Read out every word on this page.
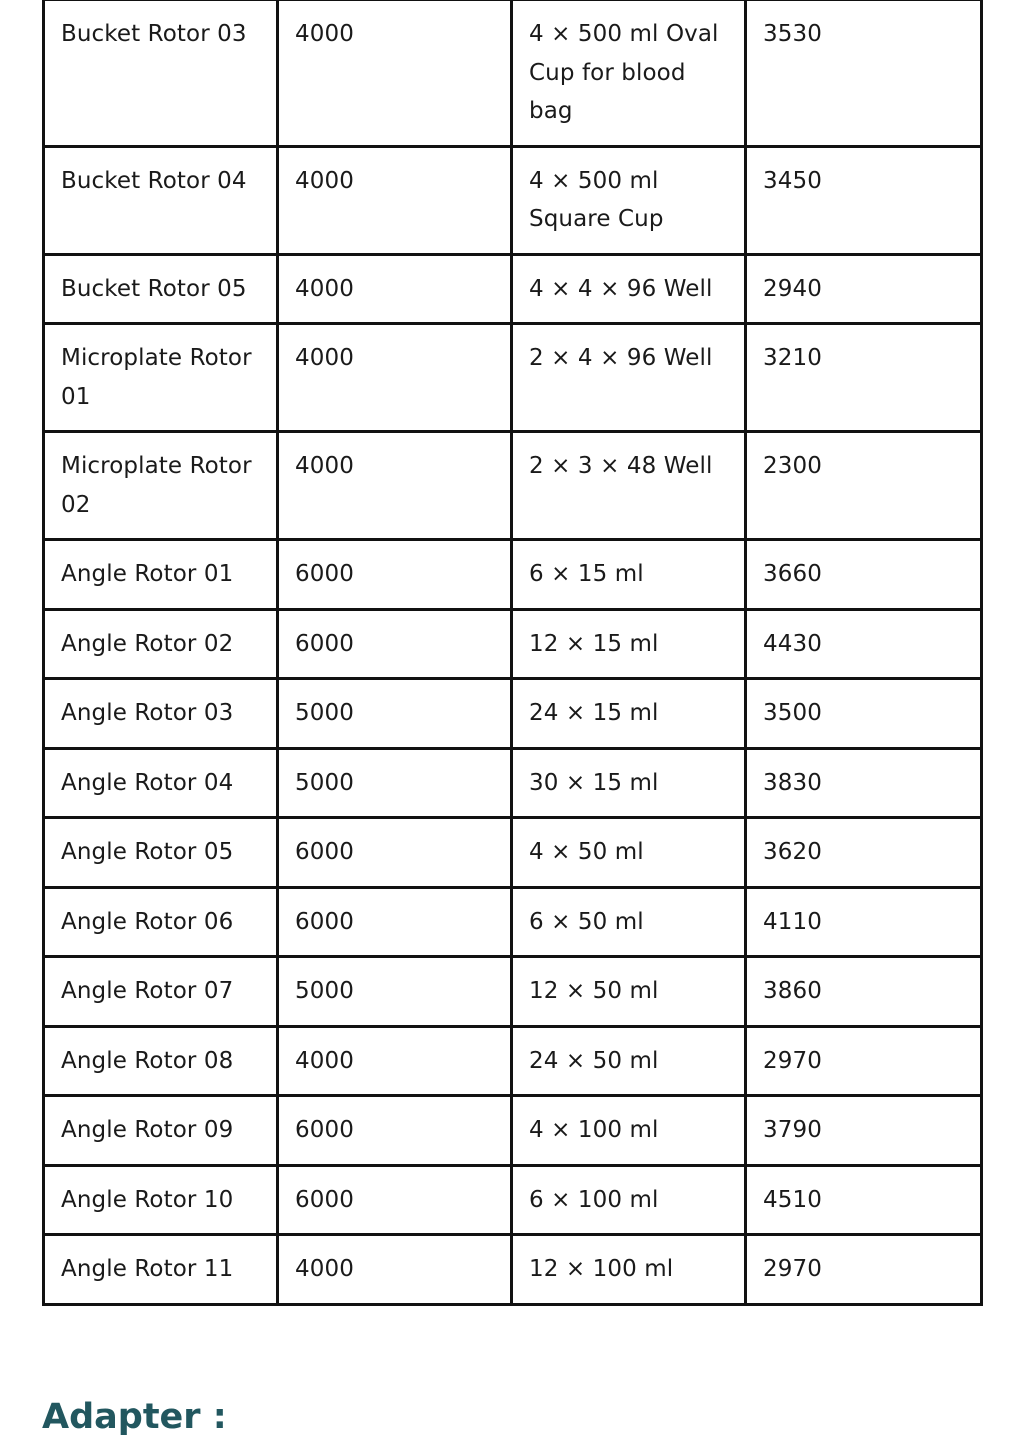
Bucket Rotor 03	4000	4 × 500 ml Oval Cup for blood bag	3530

Bucket Rotor 04	4000	4 × 500 ml Square Cup	3450

Bucket Rotor 05	4000	4 × 4 × 96 Well	2940

Microplate Rotor 01	4000	2 × 4 × 96 Well	3210

Microplate Rotor 02	4000	2 × 3 × 48 Well	2300

Angle Rotor 01	6000	6 × 15 ml	3660

Angle Rotor 02	6000	12 × 15 ml	4430

Angle Rotor 03	5000	24 × 15 ml	3500

Angle Rotor 04	5000	30 × 15 ml	3830

Angle Rotor 05	6000	4 × 50 ml	3620

Angle Rotor 06	6000	6 × 50 ml	4110

Angle Rotor 07	5000	12 × 50 ml	3860

Angle Rotor 08	4000	24 × 50 ml	2970

Angle Rotor 09	6000	4 × 100 ml	3790

Angle Rotor 10	6000	6 × 100 ml	4510

Angle Rotor 11	4000	12 × 100 ml	2970
Adapter :
